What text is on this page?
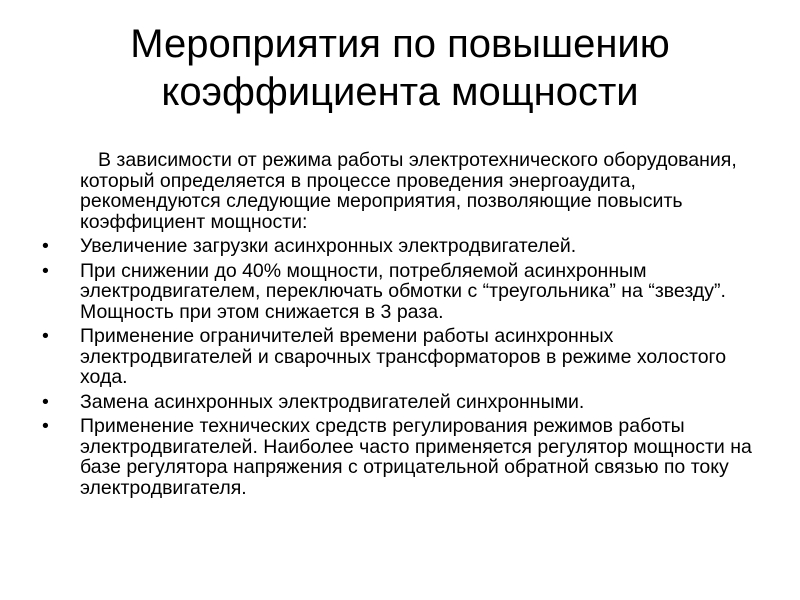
Мероприятия по повышению
коэффициента мощности

В зависимости от режима работы электротехнического оборудования, который определяется в процессе проведения энергоаудита, рекомендуются следующие мероприятия, позволяющие повысить коэффициент мощности:

•	Увеличение загрузки асинхронных электродвигателей.
•	При снижении до 40% мощности, потребляемой асинхронным электродвигателем, переключать обмотки с “треугольника” на “звезду”. Мощность при этом снижается в 3 раза.
•	Применение ограничителей времени работы асинхронных электродвигателей и сварочных трансформаторов в режиме холостого хода.
•	Замена асинхронных электродвигателей синхронными.
•	Применение технических средств регулирования режимов работы электродвигателей. Наиболее часто применяется регулятор мощности на базе регулятора напряжения с отрицательной обратной связью по току электродвигателя.
